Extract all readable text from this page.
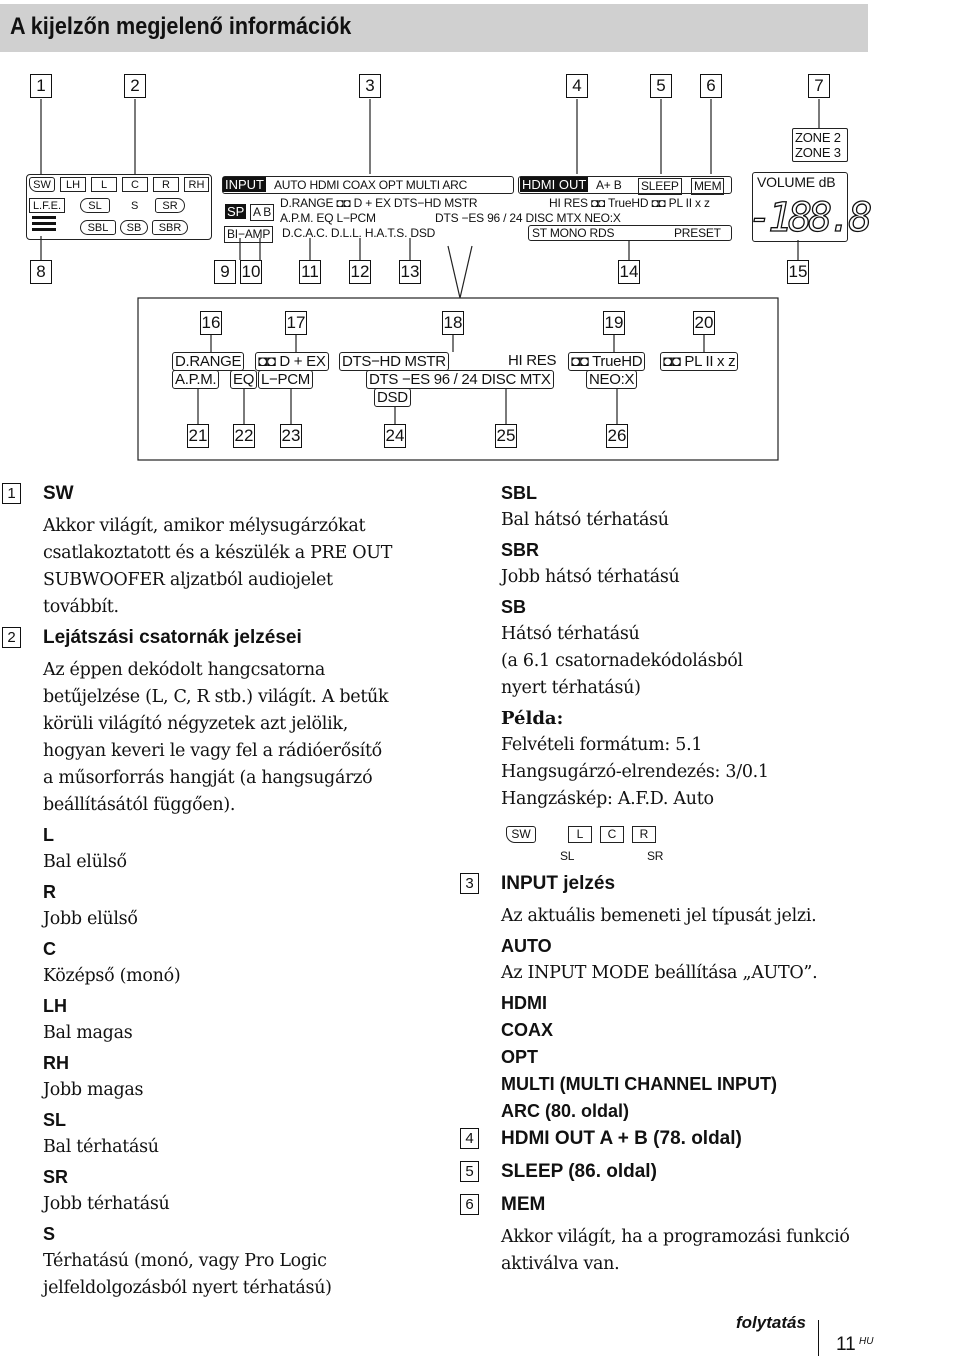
A kijelzőn megjelenő információk
1	2	3	4	5	6	7
SW	LH	L	C	R	RH
L.F.E.	SL	S	SR
SBL	SB	SBR
INPUT AUTO HDMI COAX OPT MULTI ARC
SP A B
D.RANGE ◘◘ D + EX DTS−HD MSTR	HI RES ◘◘ TrueHD ◘◘ PL II x z
A.P.M. EQ L−PCM	DTS −ES 96 / 24 DISC MTX NEO:X
BI−AMP D.C.A.C. D.L.L. H.A.T.S. DSD
HDMI OUT A+ B SLEEP MEM
ST MONO RDS	PRESET
ZONE 2
ZONE 3
VOLUME dB
-188.8
8	9 10 11 12 13	14	15
16	17	18	19	20
D.RANGE ◘◘ D + EX DTS−HD MSTR	HI RES ◘◘ TrueHD ◘◘ PL II x z
A.P.M. EQ L−PCM	DTS −ES 96 / 24 DISC MTX	NEO:X
DSD
21 22 23	24	25	26
1 SW
Akkor világít, amikor mélysugárzókat
csatlakoztatott és a készülék a PRE OUT
SUBWOOFER aljzatból audiojelet
továbbít.
2 Lejátszási csatornák jelzései
Az éppen dekódolt hangcsatorna
betűjelzése (L, C, R stb.) világít. A betűk
körüli világító négyzetek azt jelölik,
hogyan keveri le vagy fel a rádióerősítő
a műsorforrás hangját (a hangsugárzó
beállításától függően).
L
Bal elülső
R
Jobb elülső
C
Középső (monó)
LH
Bal magas
RH
Jobb magas
SL
Bal térhatású
SR
Jobb térhatású
S
Térhatású (monó, vagy Pro Logic
jelfeldolgozásból nyert térhatású)
SBL
Bal hátsó térhatású
SBR
Jobb hátsó térhatású
SB
Hátsó térhatású
(a 6.1 csatornadekódolásból
nyert térhatású)
Példa:
Felvételi formátum: 5.1
Hangsugárzó-elrendezés: 3/0.1
Hangzáskép: A.F.D. Auto
SW	L	C	R
SL	SR
3 INPUT jelzés
Az aktuális bemeneti jel típusát jelzi.
AUTO
Az INPUT MODE beállítása „AUTO”.
HDMI
COAX
OPT
MULTI (MULTI CHANNEL INPUT)
ARC (80. oldal)
4 HDMI OUT A + B (78. oldal)
5 SLEEP (86. oldal)
6 MEM
Akkor világít, ha a programozási funkció
aktiválva van.
folytatás
11 HU
